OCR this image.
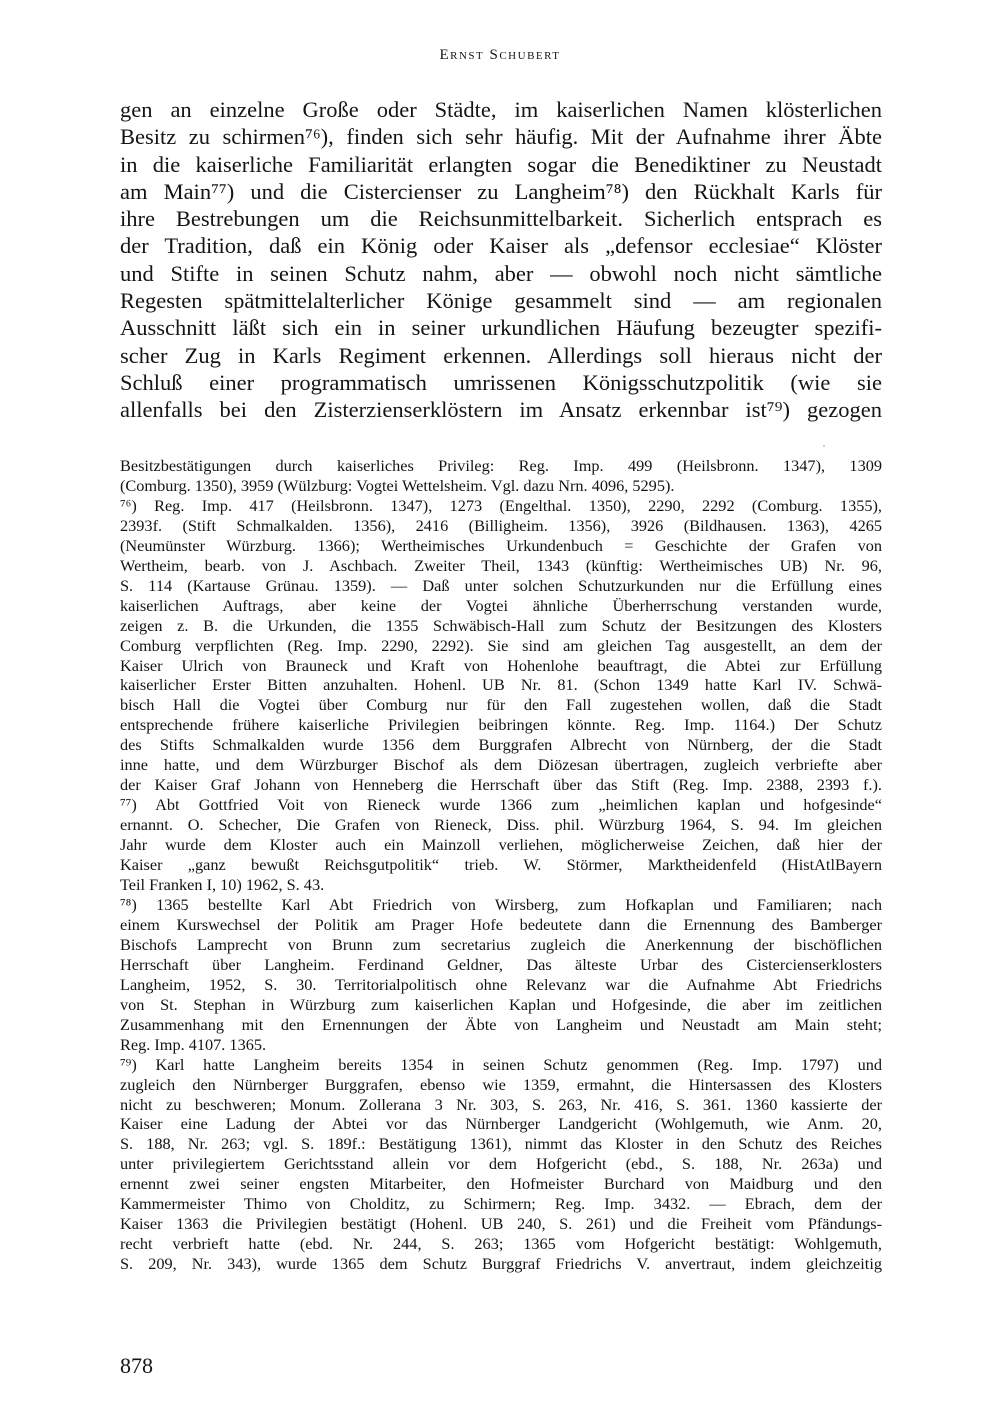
Ernst Schubert
gen an einzelne Große oder Städte, im kaiserlichen Namen klösterlichen
Besitz zu schirmen⁷⁶), finden sich sehr häufig. Mit der Aufnahme ihrer Äbte
in die kaiserliche Familiarität erlangten sogar die Benediktiner zu Neustadt
am Main⁷⁷) und die Cistercienser zu Langheim⁷⁸) den Rückhalt Karls für
ihre Bestrebungen um die Reichsunmittelbarkeit. Sicherlich entsprach es
der Tradition, daß ein König oder Kaiser als „defensor ecclesiae“ Klöster
und Stifte in seinen Schutz nahm, aber — obwohl noch nicht sämtliche
Regesten spätmittelalterlicher Könige gesammelt sind — am regionalen
Ausschnitt läßt sich ein in seiner urkundlichen Häufung bezeugter spezifi-
scher Zug in Karls Regiment erkennen. Allerdings soll hieraus nicht der
Schluß einer programmatisch umrissenen Königsschutzpolitik (wie sie
allenfalls bei den Zisterzienserklöstern im Ansatz erkennbar ist⁷⁹) gezogen
Besitzbestätigungen durch kaiserliches Privileg: Reg. Imp. 499 (Heilsbronn. 1347), 1309
(Comburg. 1350), 3959 (Wülzburg: Vogtei Wettelsheim. Vgl. dazu Nrn. 4096, 5295).
⁷⁶) Reg. Imp. 417 (Heilsbronn. 1347), 1273 (Engelthal. 1350), 2290, 2292 (Comburg. 1355),
2393f. (Stift Schmalkalden. 1356), 2416 (Billigheim. 1356), 3926 (Bildhausen. 1363), 4265
(Neumünster Würzburg. 1366); Wertheimisches Urkundenbuch = Geschichte der Grafen von
Wertheim, bearb. von J. Aschbach. Zweiter Theil, 1343 (künftig: Wertheimisches UB) Nr. 96,
S. 114 (Kartause Grünau. 1359). — Daß unter solchen Schutzurkunden nur die Erfüllung eines
kaiserlichen Auftrags, aber keine der Vogtei ähnliche Überherrschung verstanden wurde,
zeigen z. B. die Urkunden, die 1355 Schwäbisch-Hall zum Schutz der Besitzungen des Klosters
Comburg verpflichten (Reg. Imp. 2290, 2292). Sie sind am gleichen Tag ausgestellt, an dem der
Kaiser Ulrich von Brauneck und Kraft von Hohenlohe beauftragt, die Abtei zur Erfüllung
kaiserlicher Erster Bitten anzuhalten. Hohenl. UB Nr. 81. (Schon 1349 hatte Karl IV. Schwä-
bisch Hall die Vogtei über Comburg nur für den Fall zugestehen wollen, daß die Stadt
entsprechende frühere kaiserliche Privilegien beibringen könnte. Reg. Imp. 1164.) Der Schutz
des Stifts Schmalkalden wurde 1356 dem Burggrafen Albrecht von Nürnberg, der die Stadt
inne hatte, und dem Würzburger Bischof als dem Diözesan übertragen, zugleich verbriefte aber
der Kaiser Graf Johann von Henneberg die Herrschaft über das Stift (Reg. Imp. 2388, 2393 f.).
⁷⁷) Abt Gottfried Voit von Rieneck wurde 1366 zum „heimlichen kaplan und hofgesinde“
ernannt. O. Schecher, Die Grafen von Rieneck, Diss. phil. Würzburg 1964, S. 94. Im gleichen
Jahr wurde dem Kloster auch ein Mainzoll verliehen, möglicherweise Zeichen, daß hier der
Kaiser „ganz bewußt Reichsgutpolitik“ trieb. W. Störmer, Marktheidenfeld (HistAtlBayern
Teil Franken I, 10) 1962, S. 43.
⁷⁸) 1365 bestellte Karl Abt Friedrich von Wirsberg, zum Hofkaplan und Familiaren; nach
einem Kurswechsel der Politik am Prager Hofe bedeutete dann die Ernennung des Bamberger
Bischofs Lamprecht von Brunn zum secretarius zugleich die Anerkennung der bischöflichen
Herrschaft über Langheim. Ferdinand Geldner, Das älteste Urbar des Cistercienserklosters
Langheim, 1952, S. 30. Territorialpolitisch ohne Relevanz war die Aufnahme Abt Friedrichs
von St. Stephan in Würzburg zum kaiserlichen Kaplan und Hofgesinde, die aber im zeitlichen
Zusammenhang mit den Ernennungen der Äbte von Langheim und Neustadt am Main steht;
Reg. Imp. 4107. 1365.
⁷⁹) Karl hatte Langheim bereits 1354 in seinen Schutz genommen (Reg. Imp. 1797) und
zugleich den Nürnberger Burggrafen, ebenso wie 1359, ermahnt, die Hintersassen des Klosters
nicht zu beschweren; Monum. Zollerana 3 Nr. 303, S. 263, Nr. 416, S. 361. 1360 kassierte der
Kaiser eine Ladung der Abtei vor das Nürnberger Landgericht (Wohlgemuth, wie Anm. 20,
S. 188, Nr. 263; vgl. S. 189f.: Bestätigung 1361), nimmt das Kloster in den Schutz des Reiches
unter privilegiertem Gerichtsstand allein vor dem Hofgericht (ebd., S. 188, Nr. 263a) und
ernennt zwei seiner engsten Mitarbeiter, den Hofmeister Burchard von Maidburg und den
Kammermeister Thimo von Cholditz, zu Schirmern; Reg. Imp. 3432. — Ebrach, dem der
Kaiser 1363 die Privilegien bestätigt (Hohenl. UB 240, S. 261) und die Freiheit vom Pfändungs-
recht verbrieft hatte (ebd. Nr. 244, S. 263; 1365 vom Hofgericht bestätigt: Wohlgemuth,
S. 209, Nr. 343), wurde 1365 dem Schutz Burggraf Friedrichs V. anvertraut, indem gleichzeitig
878
